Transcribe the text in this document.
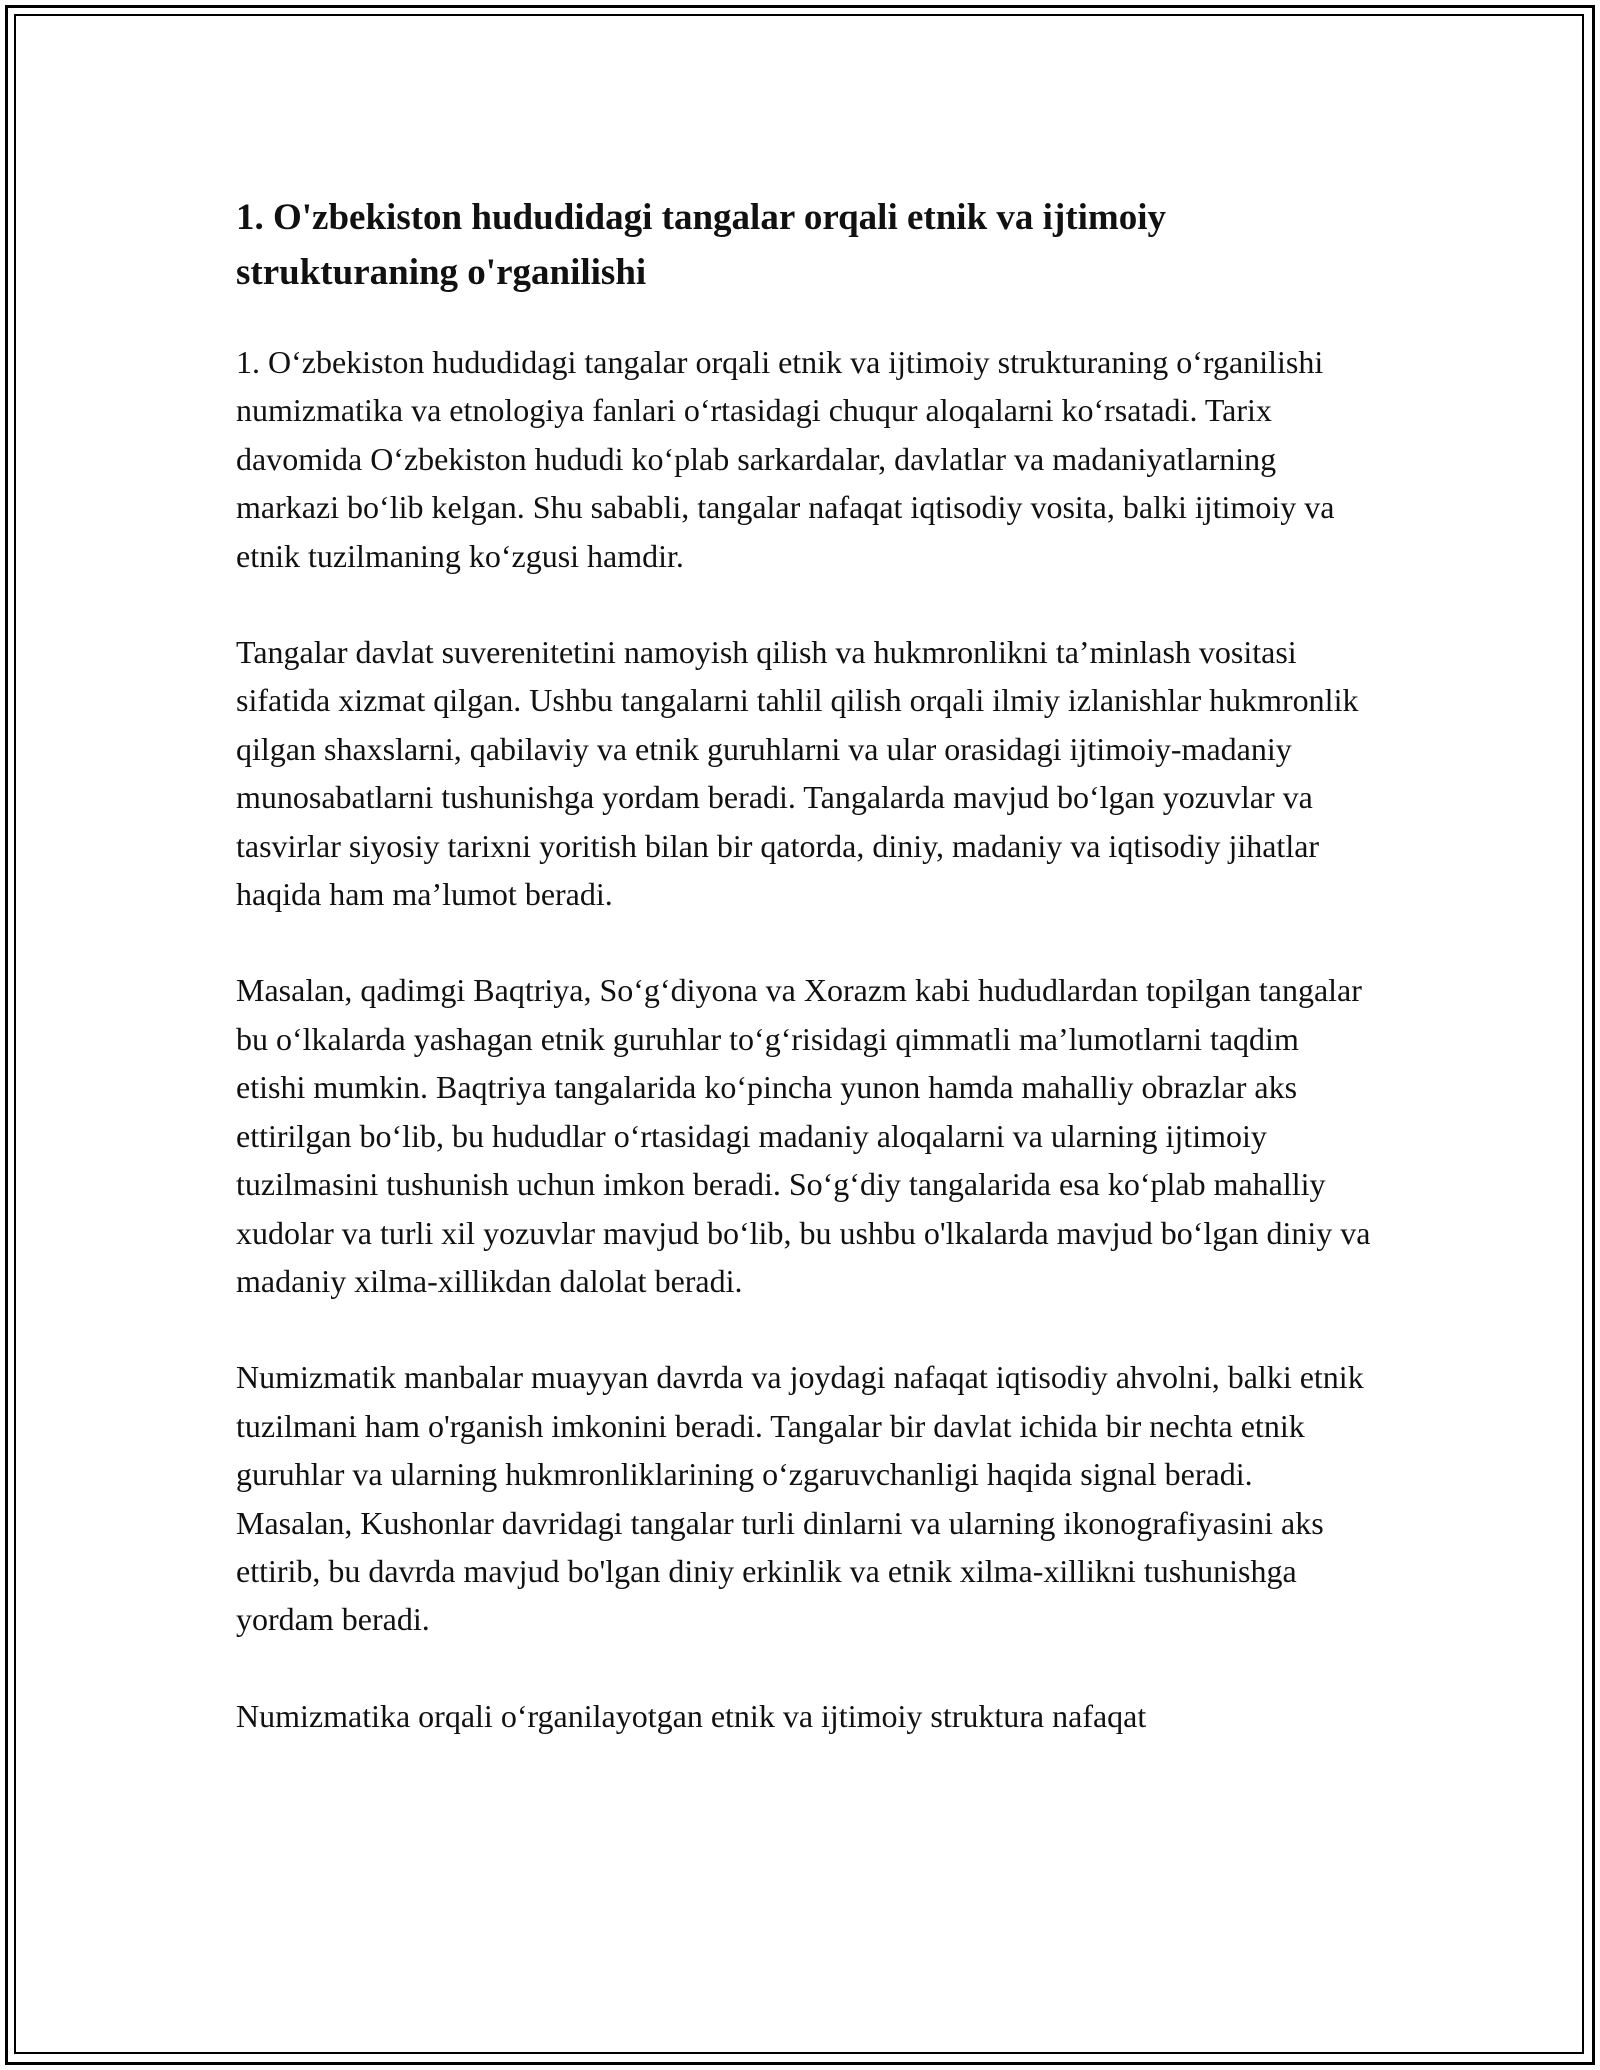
1. O'zbekiston hududidagi tangalar orqali etnik va ijtimoiy strukturaning o'rganilishi

1. O‘zbekiston hududidagi tangalar orqali etnik va ijtimoiy strukturaning o‘rganilishi numizmatika va etnologiya fanlari o‘rtasidagi chuqur aloqalarni ko‘rsatadi. Tarix davomida O‘zbekiston hududi ko‘plab sarkardalar, davlatlar va madaniyatlarning markazi bo‘lib kelgan. Shu sababli, tangalar nafaqat iqtisodiy vosita, balki ijtimoiy va etnik tuzilmaning ko‘zgusi hamdir.

Tangalar davlat suverenitetini namoyish qilish va hukmronlikni ta’minlash vositasi sifatida xizmat qilgan. Ushbu tangalarni tahlil qilish orqali ilmiy izlanishlar hukmronlik qilgan shaxslarni, qabilaviy va etnik guruhlarni va ular orasidagi ijtimoiy-madaniy munosabatlarni tushunishga yordam beradi. Tangalarda mavjud bo‘lgan yozuvlar va tasvirlar siyosiy tarixni yoritish bilan bir qatorda, diniy, madaniy va iqtisodiy jihatlar haqida ham ma’lumot beradi.

Masalan, qadimgi Baqtriya, So‘g‘diyona va Xorazm kabi hududlardan topilgan tangalar bu o‘lkalarda yashagan etnik guruhlar to‘g‘risidagi qimmatli ma’lumotlarni taqdim etishi mumkin. Baqtriya tangalarida ko‘pincha yunon hamda mahalliy obrazlar aks ettirilgan bo‘lib, bu hududlar o‘rtasidagi madaniy aloqalarni va ularning ijtimoiy tuzilmasini tushunish uchun imkon beradi. So‘g‘diy tangalarida esa ko‘plab mahalliy xudolar va turli xil yozuvlar mavjud bo‘lib, bu ushbu o'lkalarda mavjud bo‘lgan diniy va madaniy xilma-xillikdan dalolat beradi.

Numizmatik manbalar muayyan davrda va joydagi nafaqat iqtisodiy ahvolni, balki etnik tuzilmani ham o'rganish imkonini beradi. Tangalar bir davlat ichida bir nechta etnik guruhlar va ularning hukmronliklarining o‘zgaruvchanligi haqida signal beradi. Masalan, Kushonlar davridagi tangalar turli dinlarni va ularning ikonografiyasini aks ettirib, bu davrda mavjud bo'lgan diniy erkinlik va etnik xilma-xillikni tushunishga yordam beradi.

Numizmatika orqali o‘rganilayotgan etnik va ijtimoiy struktura nafaqat
